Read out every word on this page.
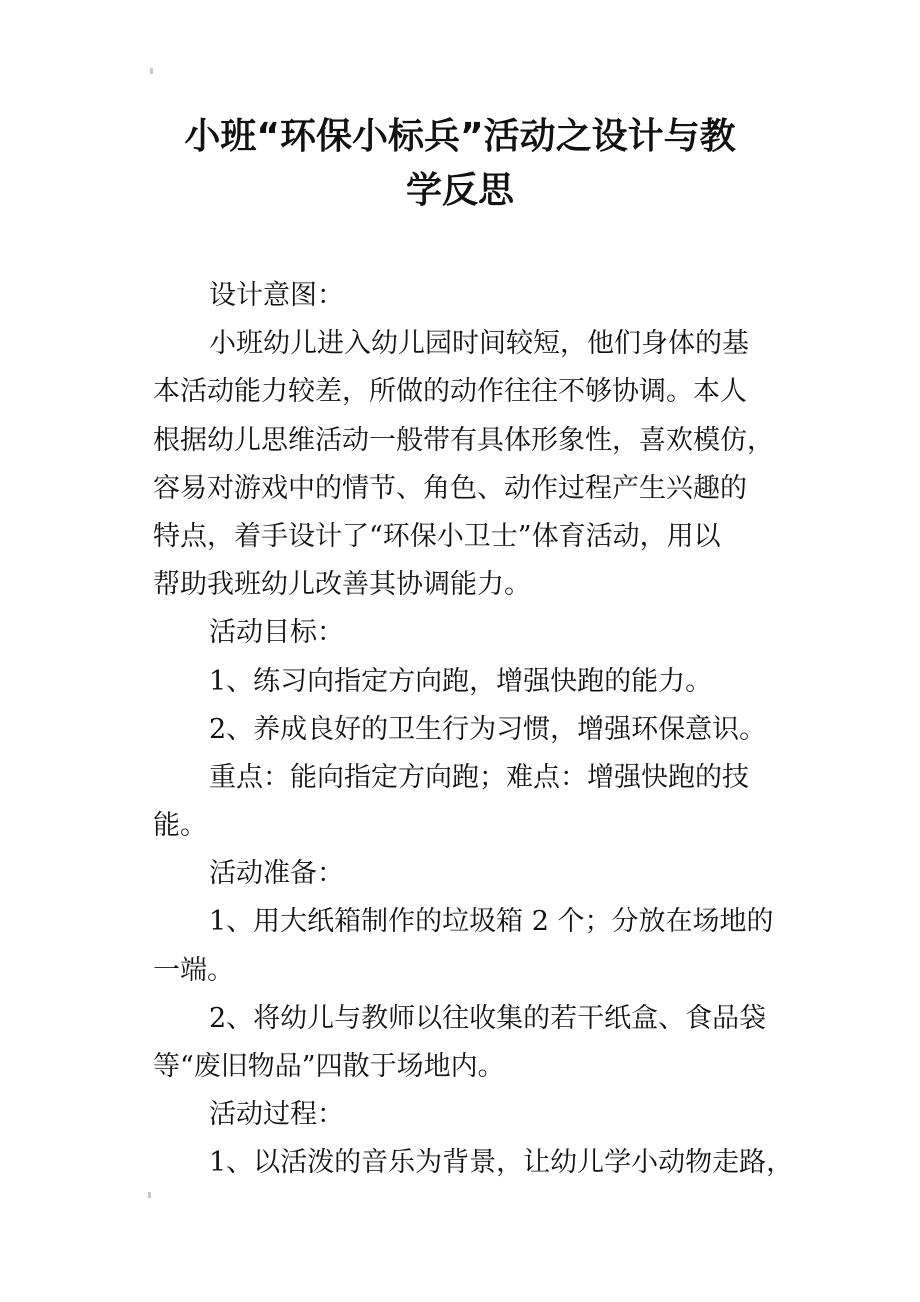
小班“环保小标兵”活动之设计与教
学反思
设计意图：
小班幼儿进入幼儿园时间较短，他们身体的基
本活动能力较差，所做的动作往往不够协调。本人
根据幼儿思维活动一般带有具体形象性，喜欢模仿，
容易对游戏中的情节、角色、动作过程产生兴趣的
特点，着手设计了“环保小卫士”体育活动，用以
帮助我班幼儿改善其协调能力。
活动目标：
1、练习向指定方向跑，增强快跑的能力。
2、养成良好的卫生行为习惯，增强环保意识。
重点：能向指定方向跑；难点：增强快跑的技
能。
活动准备：
1、用大纸箱制作的垃圾箱 2 个；分放在场地的
一端。
2、将幼儿与教师以往收集的若干纸盒、食品袋
等“废旧物品”四散于场地内。
活动过程：
1、以活泼的音乐为背景，让幼儿学小动物走路，
